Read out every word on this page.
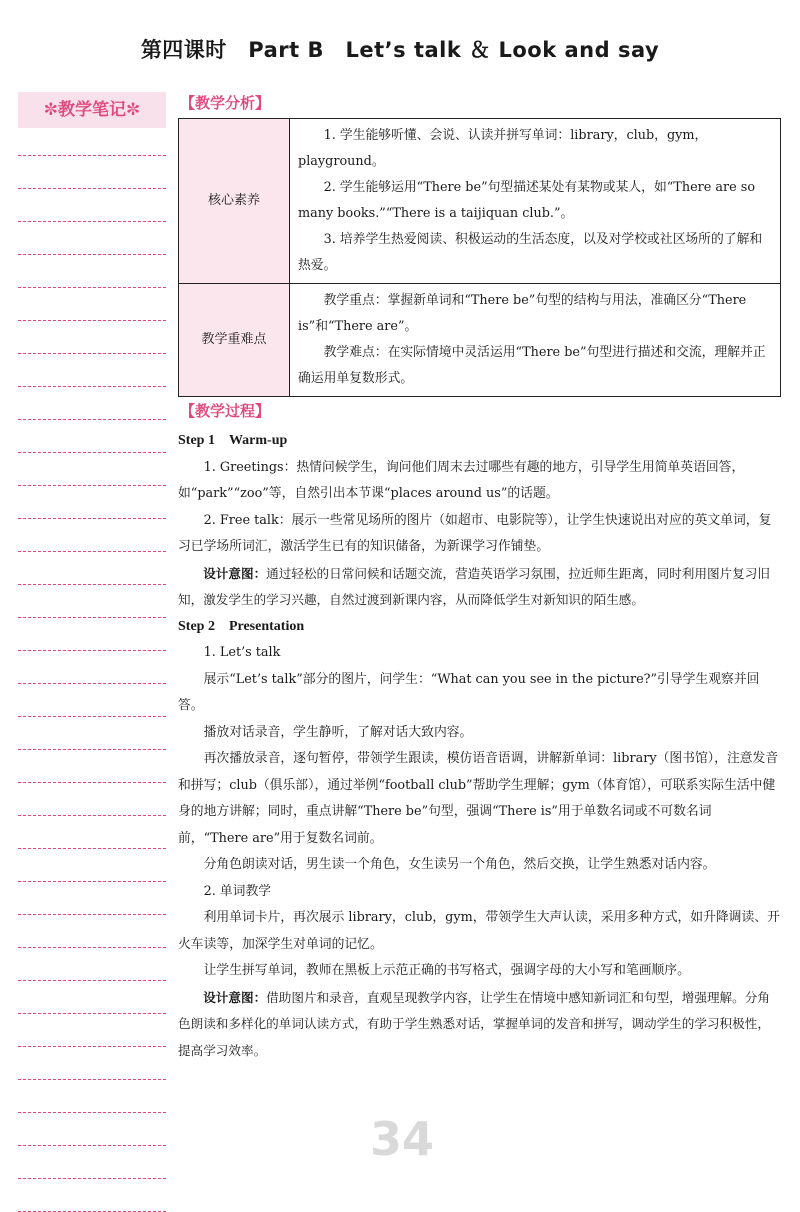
第四课时　Part B　Let’s talk ＆ Look and say
✼教学笔记✼	【教学分析】
核心素养	1. 学生能够听懂、会说、认读并拼写单词：library，club，gym，playground。

2. 学生能够运用“There be”句型描述某处有某物或某人，如“There are so many books.”“There is a taijiquan club.”。

3. 培养学生热爱阅读、积极运动的生活态度，以及对学校或社区场所的了解和热爱。

教学重难点	教学重点：掌握新单词和“There be”句型的结构与用法，准确区分“There is”和“There are”。

教学难点：在实际情境中灵活运用“There be”句型进行描述和交流，理解并正确运用单复数形式。

【教学过程】

Step 1　Warm-up

1. Greetings：热情问候学生，询问他们周末去过哪些有趣的地方，引导学生用简单英语回答，如“park”“zoo”等，自然引出本节课“places around us”的话题。

2. Free talk：展示一些常见场所的图片（如超市、电影院等），让学生快速说出对应的英文单词，复习已学场所词汇，激活学生已有的知识储备，为新课学习作铺垫。

设计意图：通过轻松的日常问候和话题交流，营造英语学习氛围，拉近师生距离，同时利用图片复习旧知，激发学生的学习兴趣，自然过渡到新课内容，从而降低学生对新知识的陌生感。

Step 2　Presentation

1. Let’s talk

展示“Let’s talk”部分的图片，问学生：“What can you see in the picture?”引导学生观察并回答。

播放对话录音，学生静听，了解对话大致内容。

再次播放录音，逐句暂停，带领学生跟读，模仿语音语调，讲解新单词：library（图书馆），注意发音和拼写；club（俱乐部），通过举例“football club”帮助学生理解；gym（体育馆），可联系实际生活中健身的地方讲解；同时，重点讲解“There be”句型，强调“There is”用于单数名词或不可数名词前，“There are”用于复数名词前。

分角色朗读对话，男生读一个角色，女生读另一个角色，然后交换，让学生熟悉对话内容。

2. 单词教学

利用单词卡片，再次展示 library，club，gym，带领学生大声认读，采用多种方式，如升降调读、开火车读等，加深学生对单词的记忆。

让学生拼写单词，教师在黑板上示范正确的书写格式，强调字母的大小写和笔画顺序。

设计意图：借助图片和录音，直观呈现教学内容，让学生在情境中感知新词汇和句型，增强理解。分角色朗读和多样化的单词认读方式，有助于学生熟悉对话，掌握单词的发音和拼写，调动学生的学习积极性，提高学习效率。

34
